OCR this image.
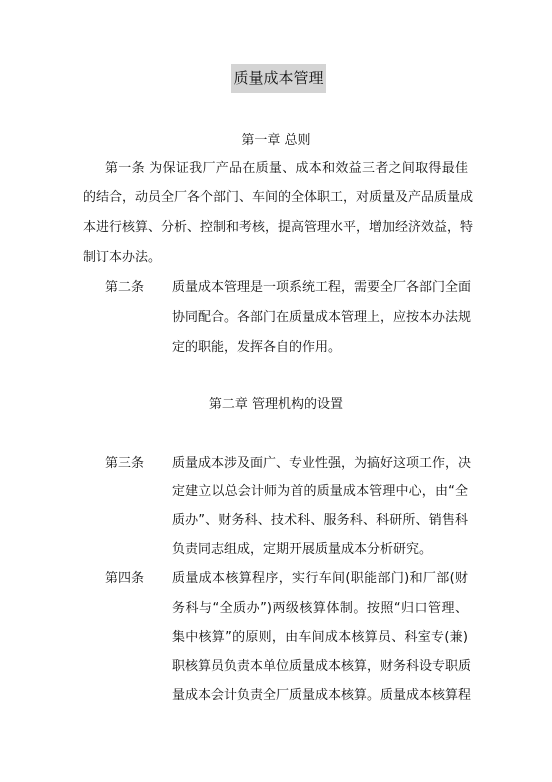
质量成本管理
第一章 总则
第一条 为保证我厂产品在质量、成本和效益三者之间取得最佳
的结合，动员全厂各个部门、车间的全体职工，对质量及产品质量成
本进行核算、分析、控制和考核，提高管理水平，增加经济效益，特
制订本办法。
第二条 质量成本管理是一项系统工程，需要全厂各部门全面
协同配合。各部门在质量成本管理上，应按本办法规
定的职能，发挥各自的作用。
第二章 管理机构的设置
第三条 质量成本涉及面广、专业性强，为搞好这项工作，决
定建立以总会计师为首的质量成本管理中心，由“全
质办”、财务科、技术科、服务科、科研所、销售科
负责同志组成，定期开展质量成本分析研究。
第四条 质量成本核算程序，实行车间(职能部门)和厂部(财
务科与“全质办”)两级核算体制。按照“归口管理、
集中核算”的原则，由车间成本核算员、科室专(兼)
职核算员负责本单位质量成本核算，财务科设专职质
量成本会计负责全厂质量成本核算。质量成本核算程
